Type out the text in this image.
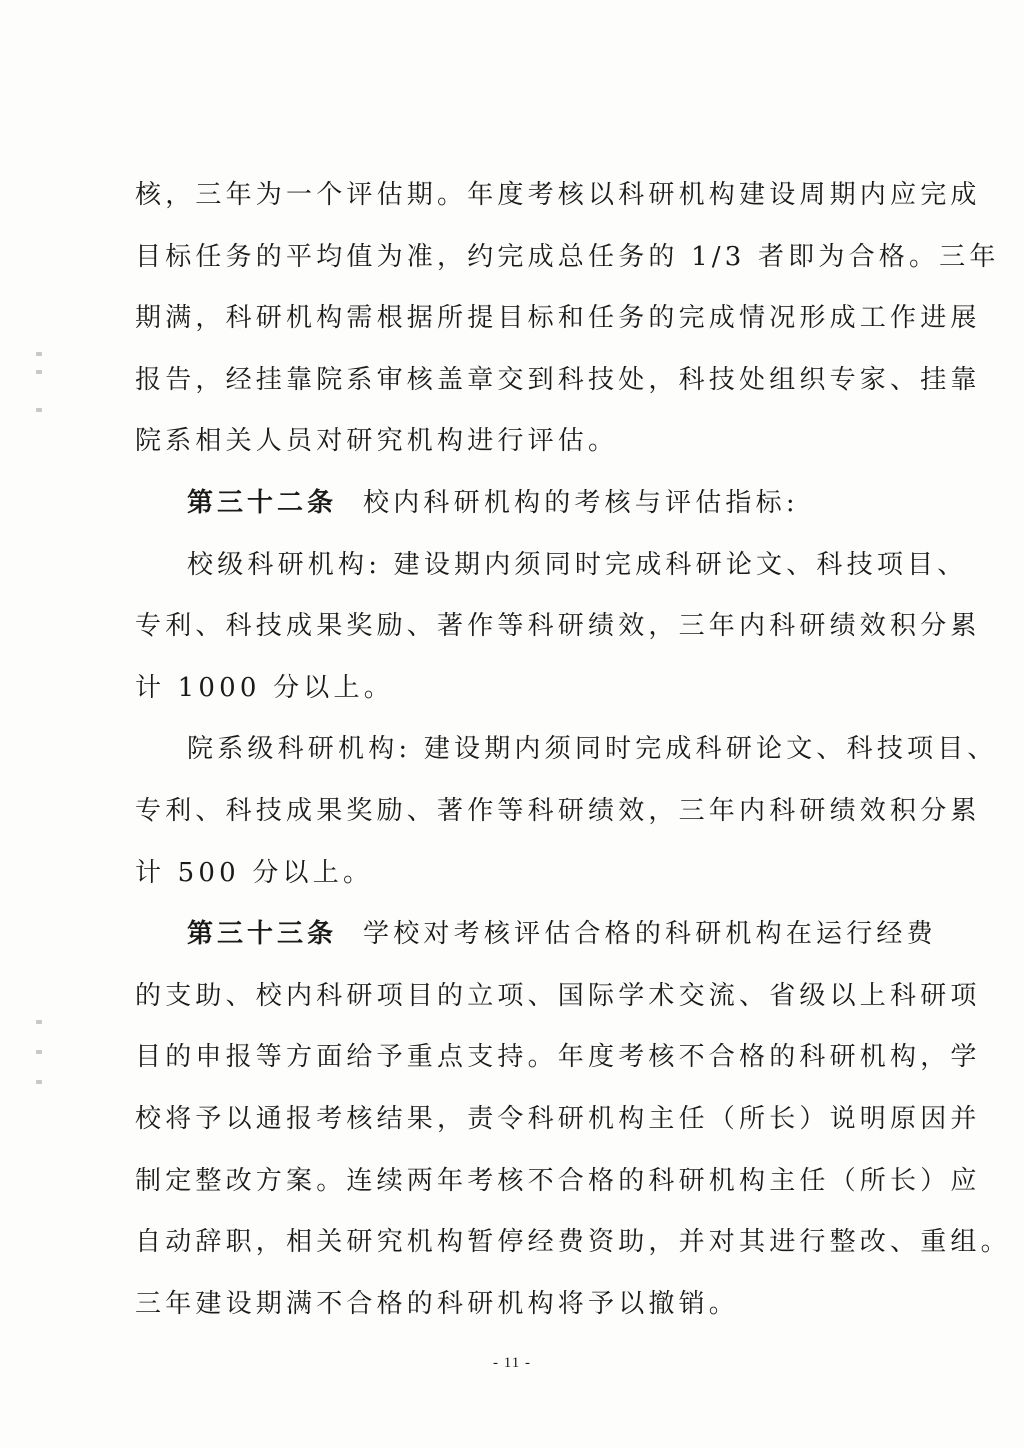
核，三年为一个评估期。年度考核以科研机构建设周期内应完成
目标任务的平均值为准，约完成总任务的 1/3 者即为合格。三年
期满，科研机构需根据所提目标和任务的完成情况形成工作进展
报告，经挂靠院系审核盖章交到科技处，科技处组织专家、挂靠
院系相关人员对研究机构进行评估。
第三十二条 校内科研机构的考核与评估指标:
校级科研机构: 建设期内须同时完成科研论文、科技项目、
专利、科技成果奖励、著作等科研绩效，三年内科研绩效积分累
计 1000 分以上。
院系级科研机构: 建设期内须同时完成科研论文、科技项目、
专利、科技成果奖励、著作等科研绩效，三年内科研绩效积分累
计 500 分以上。
第三十三条 学校对考核评估合格的科研机构在运行经费
的支助、校内科研项目的立项、国际学术交流、省级以上科研项
目的申报等方面给予重点支持。年度考核不合格的科研机构，学
校将予以通报考核结果，责令科研机构主任（所长）说明原因并
制定整改方案。连续两年考核不合格的科研机构主任（所长）应
自动辞职，相关研究机构暂停经费资助，并对其进行整改、重组。
三年建设期满不合格的科研机构将予以撤销。
- 11 -
